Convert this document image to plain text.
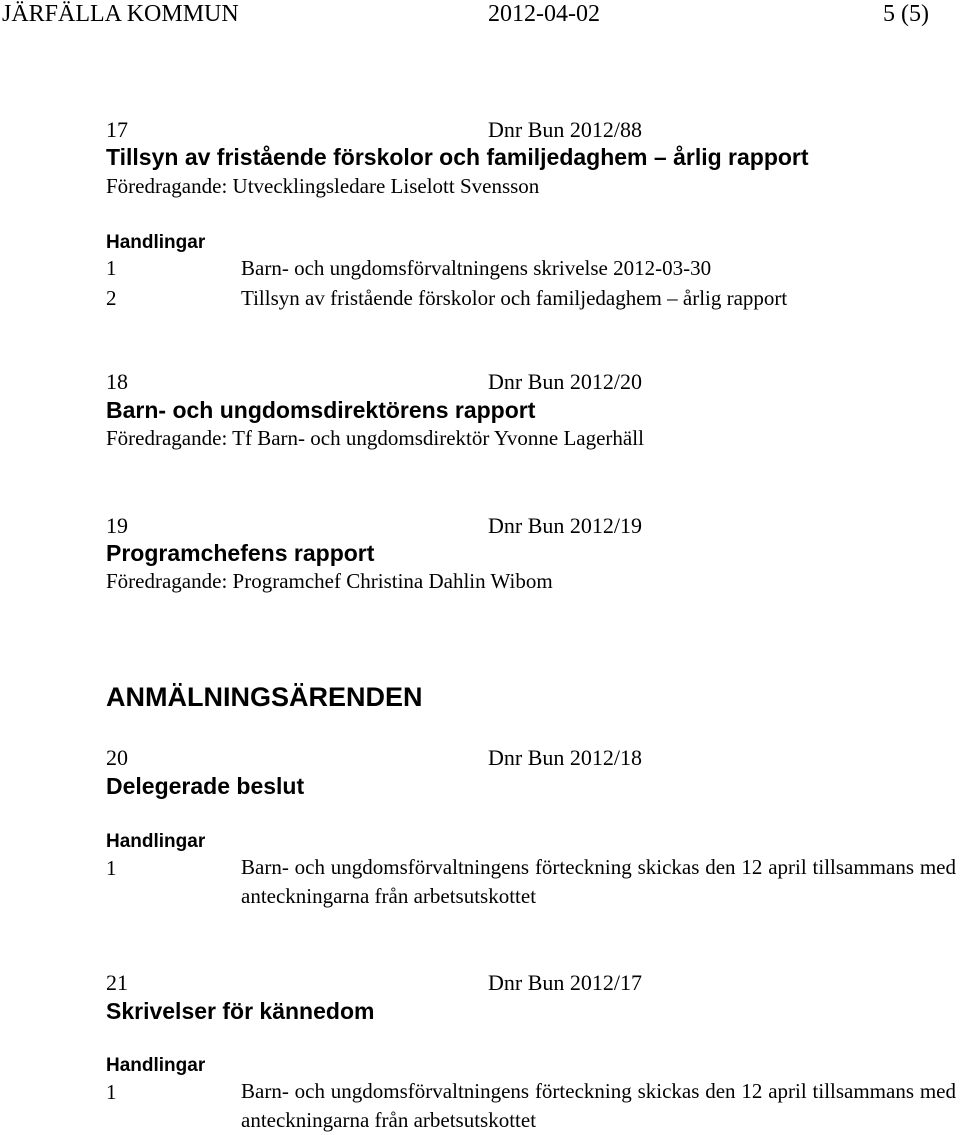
JÄRFÄLLA KOMMUN	2012-04-02	5 (5)
17	Dnr Bun 2012/88
Tillsyn av fristående förskolor och familjedaghem – årlig rapport
Föredragande: Utvecklingsledare Liselott Svensson
Handlingar
1	Barn- och ungdomsförvaltningens skrivelse 2012-03-30
2	Tillsyn av fristående förskolor och familjedaghem – årlig rapport
18	Dnr Bun 2012/20
Barn- och ungdomsdirektörens rapport
Föredragande: Tf Barn- och ungdomsdirektör Yvonne Lagerhäll
19	Dnr Bun 2012/19
Programchefens rapport
Föredragande: Programchef Christina Dahlin Wibom
ANMÄLNINGSÄRENDEN
20	Dnr Bun 2012/18
Delegerade beslut
Handlingar
1	Barn- och ungdomsförvaltningens förteckning skickas den 12 april tillsammans med anteckningarna från arbetsutskottet
21	Dnr Bun 2012/17
Skrivelser för kännedom
Handlingar
1	Barn- och ungdomsförvaltningens förteckning skickas den 12 april tillsammans med anteckningarna från arbetsutskottet
